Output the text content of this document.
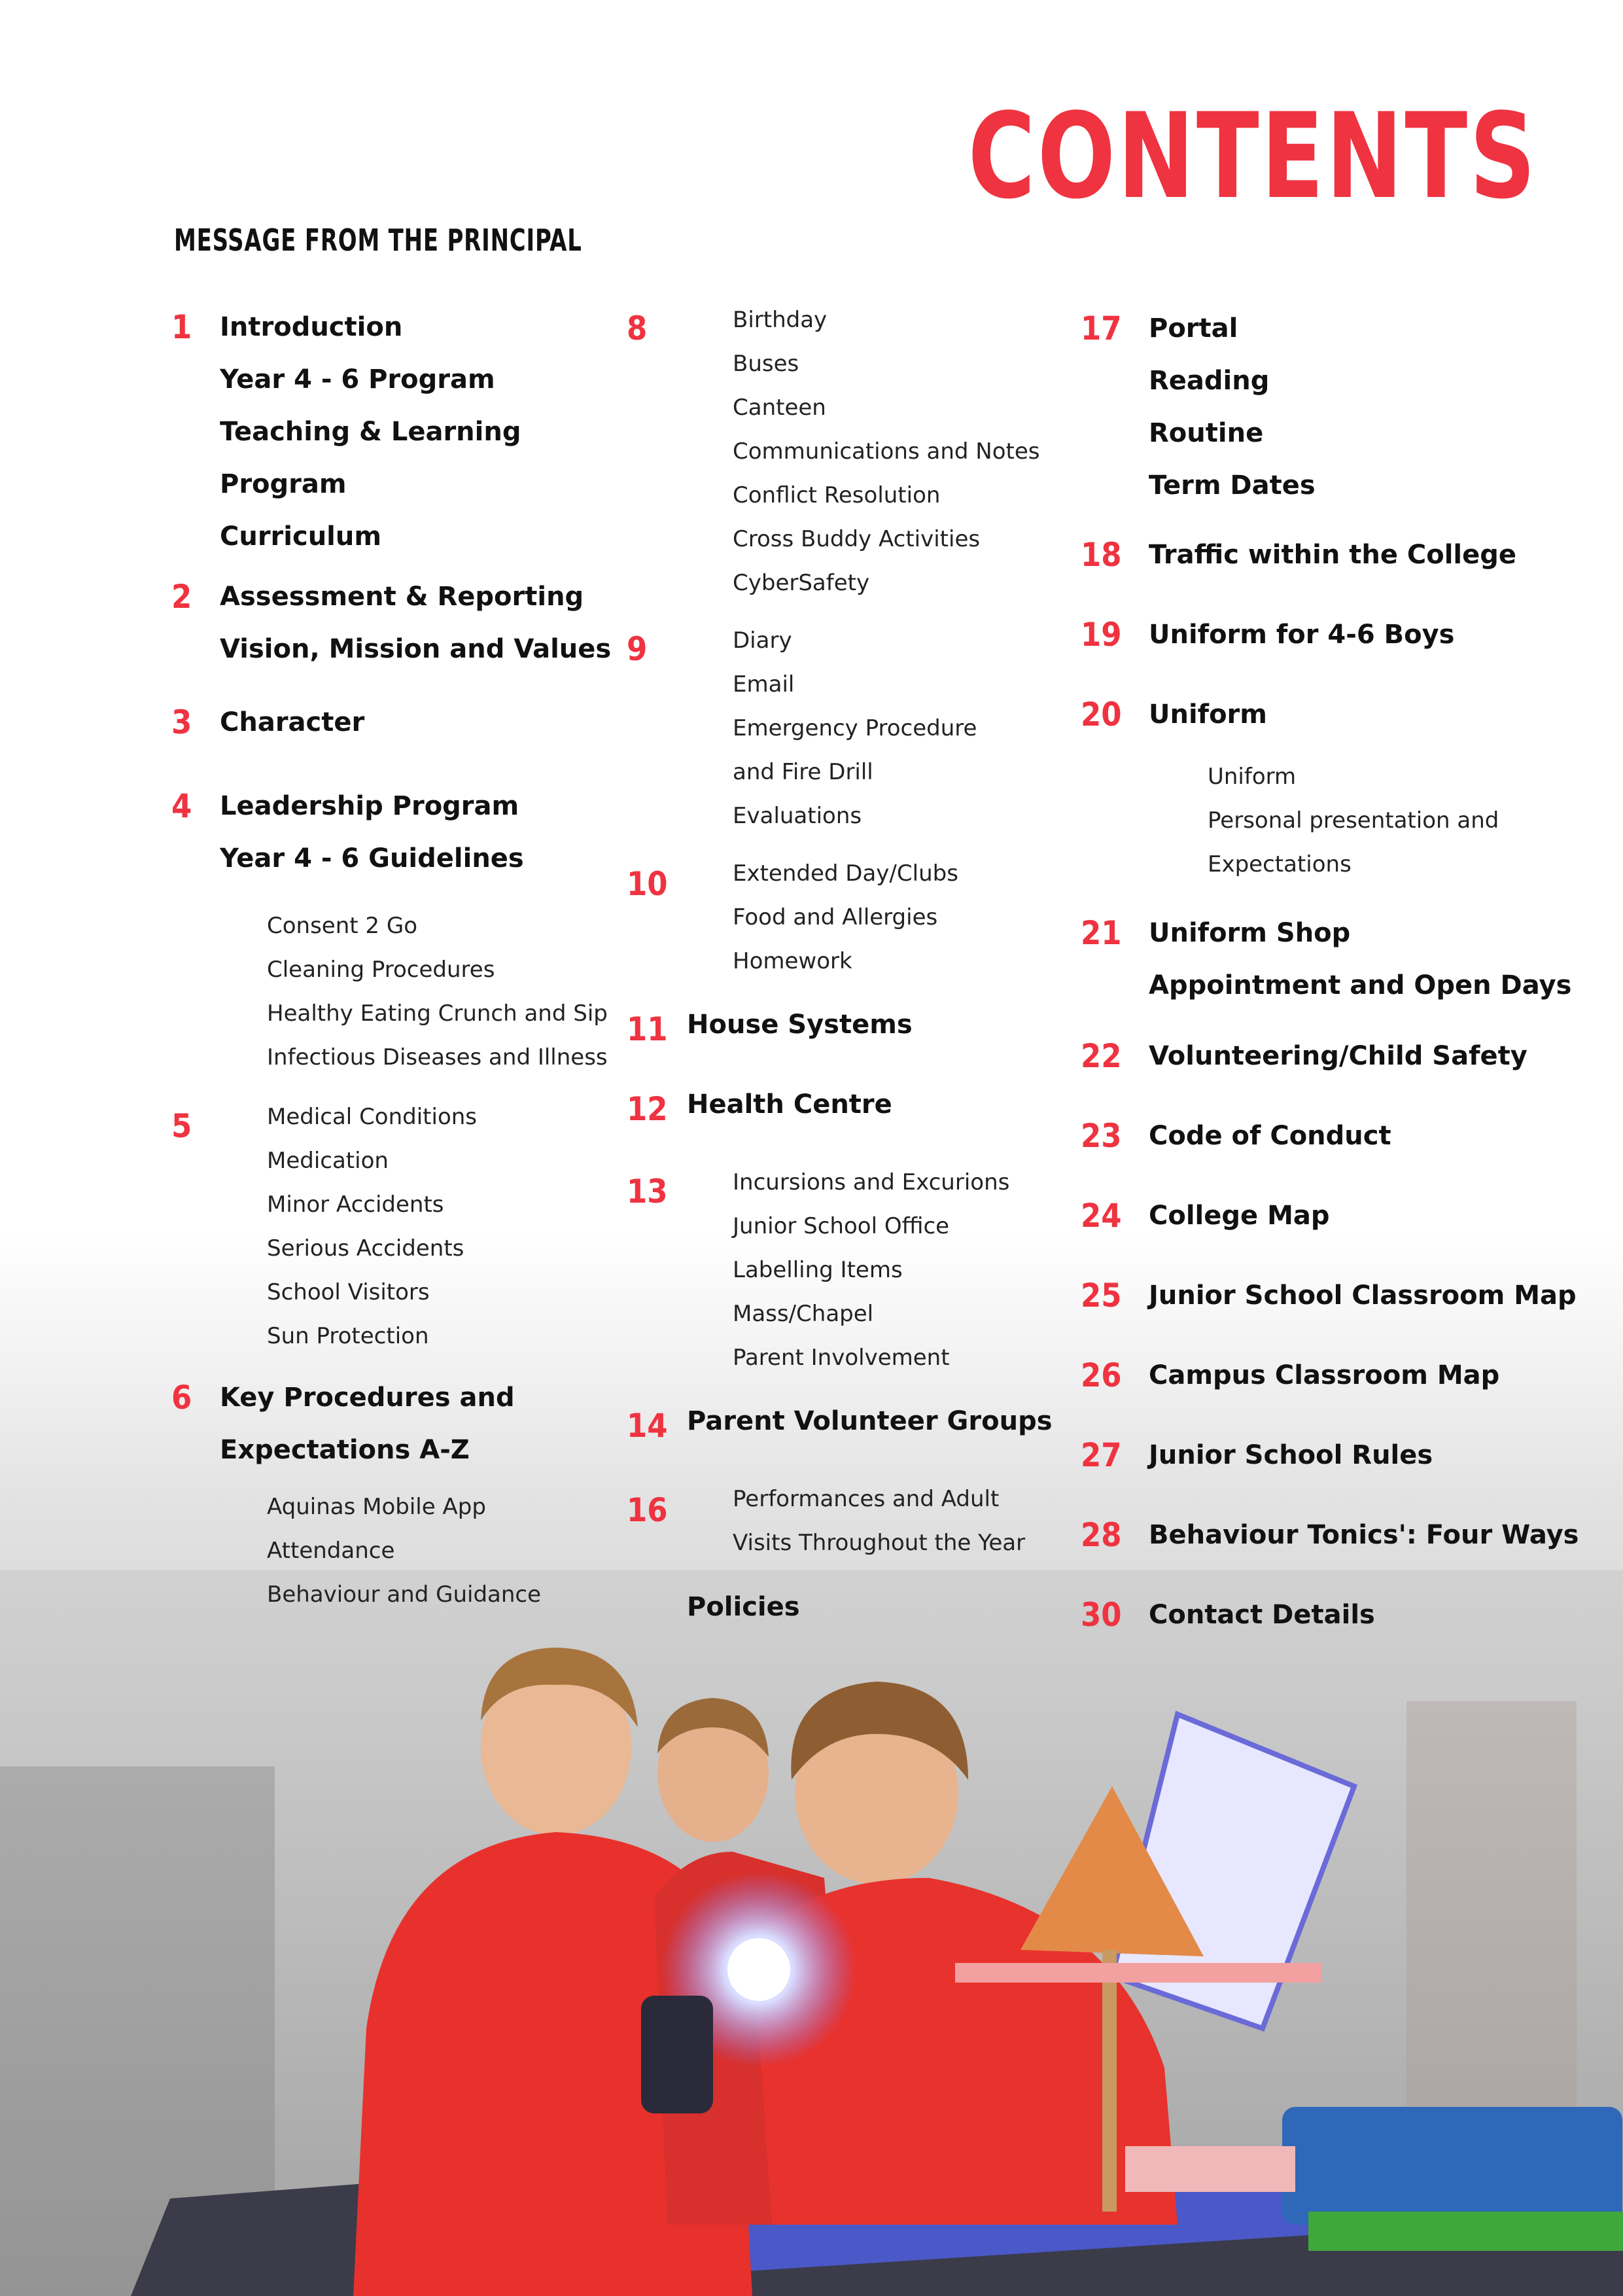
CONTENTS
MESSAGE FROM THE PRINCIPAL
1 Introduction
Year 4 - 6 Program
Teaching & Learning
Program
Curriculum
2 Assessment & Reporting
Vision, Mission and Values
3 Character
4 Leadership Program
Year 4 - 6 Guidelines
Consent 2 Go
Cleaning Procedures
Healthy Eating Crunch and Sip
Infectious Diseases and Illness
5	Medical Conditions
Medication
Minor Accidents
Serious Accidents
School Visitors
Sun Protection
6 Key Procedures and
Expectations A-Z
Aquinas Mobile App
Attendance
Behaviour and Guidance
8	Birthday
Buses
Canteen
Communications and Notes
Conflict Resolution
Cross Buddy Activities
CyberSafety
9	Diary
Email
Emergency Procedure
and Fire Drill
Evaluations
10	Extended Day/Clubs
Food and Allergies
Homework
11 House Systems
12 Health Centre
13	Incursions and Excurions
Junior School Office
Labelling Items
Mass/Chapel
Parent Involvement
14 Parent Volunteer Groups
16	Performances and Adult
Visits Throughout the Year
Policies
17 Portal
Reading
Routine
Term Dates
18 Traffic within the College
19 Uniform for 4-6 Boys
20 Uniform
Uniform
Personal presentation and
Expectations
21 Uniform Shop
Appointment and Open Days
22 Volunteering/Child Safety
23 Code of Conduct
24 College Map
25 Junior School Classroom Map
26 Campus Classroom Map
27 Junior School Rules
28 Behaviour Tonics': Four Ways
30 Contact Details
